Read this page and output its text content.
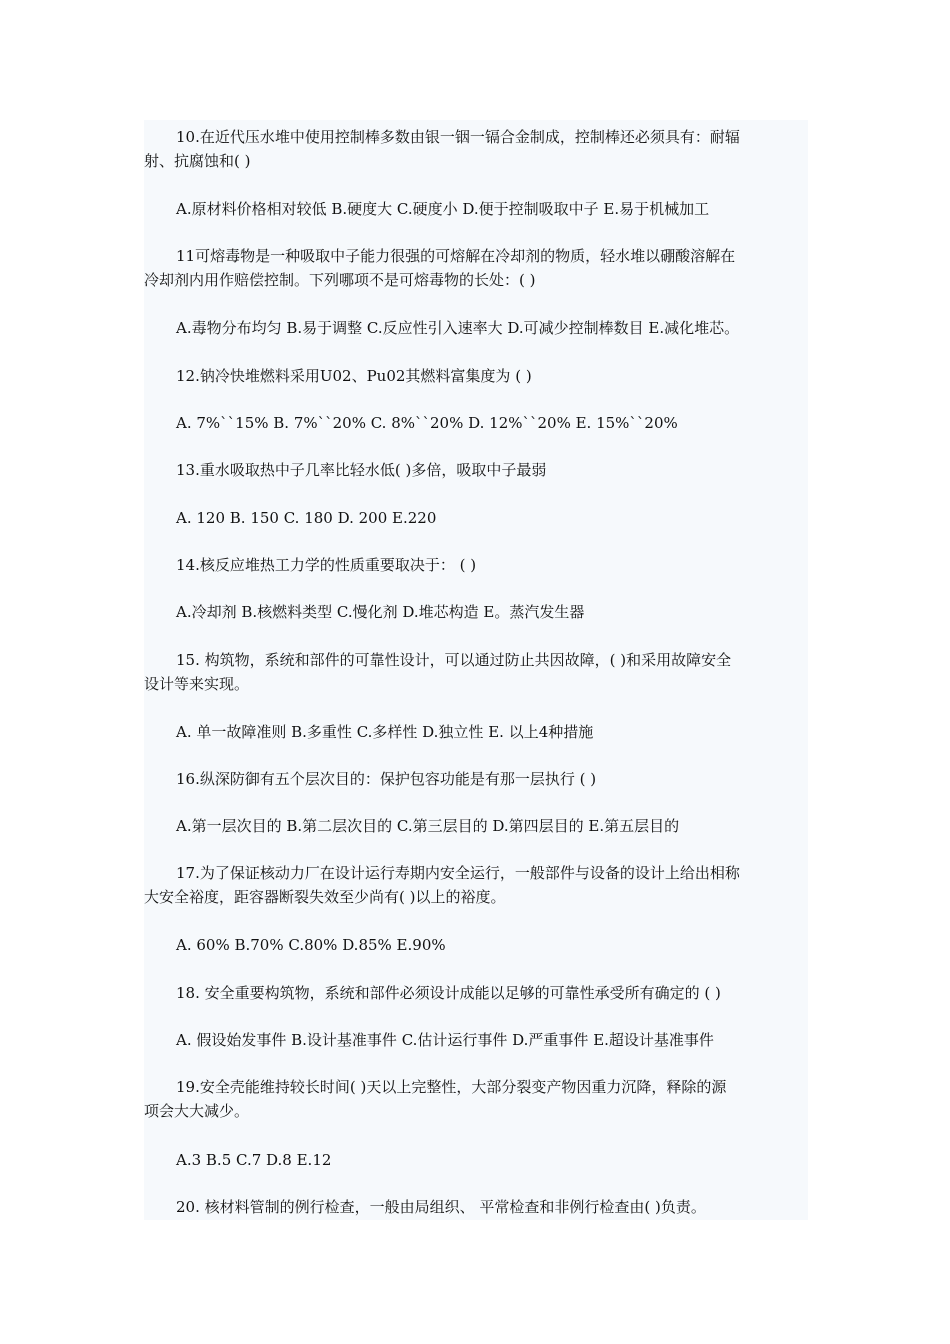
10.在近代压水堆中使用控制棒多数由银一铟一镉合金制成，控制棒还必须具有：耐辐
射、抗腐蚀和( )
A.原材料价格相对较低 B.硬度大 C.硬度小 D.便于控制吸取中子 E.易于机械加工
11可熔毒物是一种吸取中子能力很强的可熔解在冷却剂的物质，轻水堆以硼酸溶解在
冷却剂内用作赔偿控制。下列哪项不是可熔毒物的长处：( )
A.毒物分布均匀 B.易于调整 C.反应性引入速率大 D.可减少控制棒数目 E.减化堆芯。
12.钠冷快堆燃料采用U02、Pu02其燃料富集度为 ( )
A. 7%``15% B. 7%``20% C. 8%``20% D. 12%``20% E. 15%``20%
13.重水吸取热中子几率比轻水低( )多倍，吸取中子最弱
A. 120 B. 150 C. 180 D. 200 E.220
14.核反应堆热工力学的性质重要取决于： ( )
A.冷却剂 B.核燃料类型 C.慢化剂 D.堆芯构造 E。蒸汽发生器
15. 构筑物，系统和部件的可靠性设计，可以通过防止共因故障，( )和采用故障安全
设计等来实现。
A. 单一故障准则 B.多重性 C.多样性 D.独立性 E. 以上4种措施
16.纵深防御有五个层次目的：保护包容功能是有那一层执行 ( )
A.第一层次目的 B.第二层次目的 C.第三层目的 D.第四层目的 E.第五层目的
17.为了保证核动力厂在设计运行寿期内安全运行，一般部件与设备的设计上给出相称
大安全裕度，距容器断裂失效至少尚有( )以上的裕度。
A. 60% B.70% C.80% D.85% E.90%
18. 安全重要构筑物，系统和部件必须设计成能以足够的可靠性承受所有确定的 ( )
A. 假设始发事件 B.设计基准事件 C.估计运行事件 D.严重事件 E.超设计基准事件
19.安全壳能维持较长时间( )天以上完整性，大部分裂变产物因重力沉降，释除的源
项会大大减少。
A.3 B.5 C.7 D.8 E.12
20. 核材料管制的例行检查，一般由局组织、 平常检查和非例行检查由( )负责。
